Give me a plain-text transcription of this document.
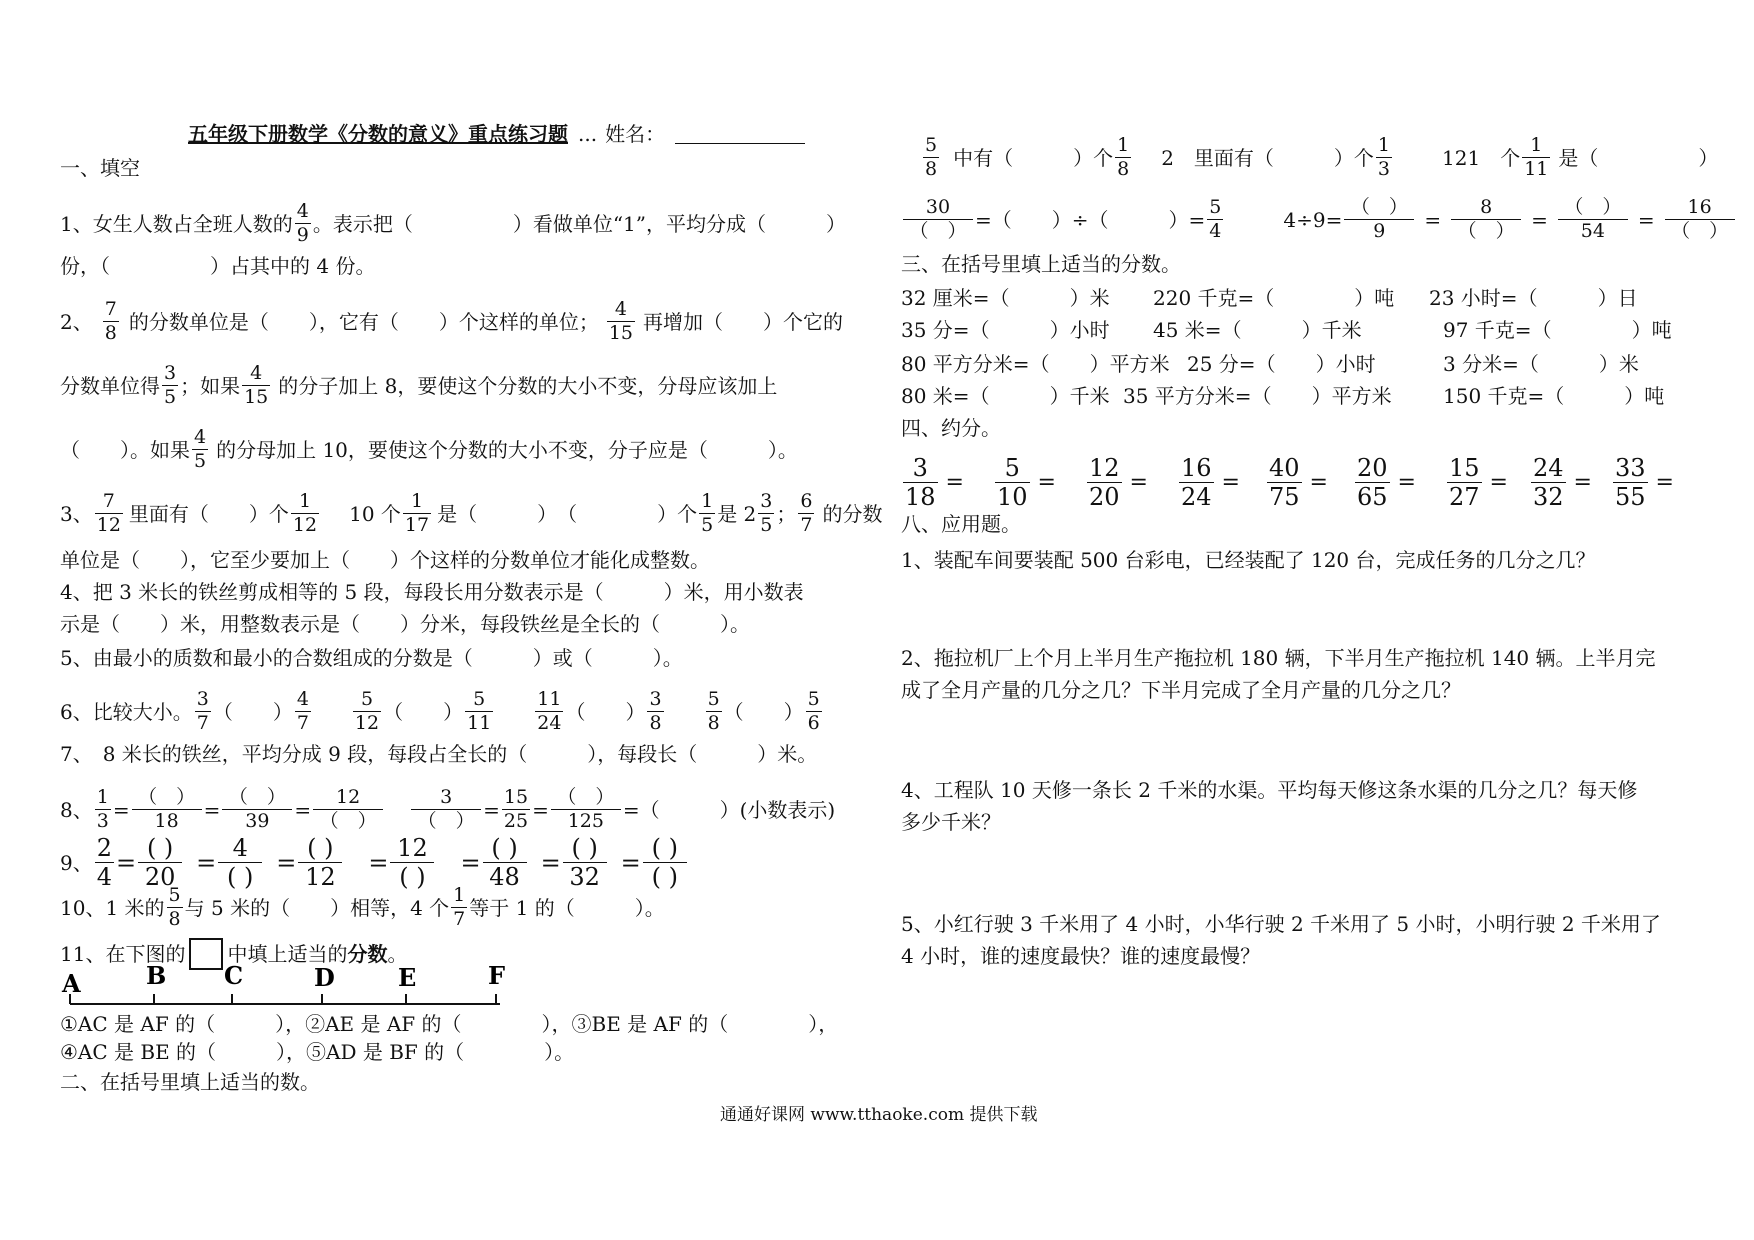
五年级下册数学《分数的意义》重点练习题 ... 姓名：
一、填空
1、女生人数占全班人数的 $\frac{4}{9}$ 。表示把（　　　　　）看做单位“1”，平均分成（　　　）
份，（　　　　　）占其中的 4 份。
2、 $\frac{7}{8}$ 的分数单位是（　　），它有（　　）个这样的单位； $\frac{4}{15}$ 再增加（　　）个它的
分数单位得 $\frac{3}{5}$ ；如果 $\frac{4}{15}$ 的分子加上 8，要使这个分数的大小不变，分母应该加上
（　　）。如果 $\frac{4}{5}$ 的分母加上 10，要使这个分数的大小不变，分子应是（　　　）。
3、 $\frac{7}{12}$ 里面有（　　）个 $\frac{1}{12} 10$ 个 $\frac{1}{17}$ 是（　　　）　（　　　　）个 $\frac{1}{5}$ 是 $2 \frac{3}{5}$ ； $\frac{6}{7}$ 的分数
单位是（　　），它至少要加上（　　）个这样的分数单位才能化成整数。
4、把 3 米长的铁丝剪成相等的 5 段，每段长用分数表示是（　　　）米，用小数表
示是（　　）米，用整数表示是（　　）分米，每段铁丝是全长的（　　　）。
5、由最小的质数和最小的合数组成的分数是（　　　）或（　　　）。
6、比较大小。 $\frac{3}{7}$ （　　） $\frac{4}{7} \frac{5}{12}$ （　　） $\frac{5}{11} \frac{11}{24}$ （　　） $\frac{3}{8} \frac{5}{8}$ （　　） $\frac{5}{6}$
7、　8 米长的铁丝，平均分成 9 段，每段占全长的（　　　），每段长（　　　）米。
8、 $\frac{1}{3} = \frac{( )}{18} = \frac{( )}{39} = \frac{12}{( )} \frac{3}{( )} = \frac{15}{25} = \frac{( )}{125}$ =（　　　）(小数表示)
9、 $\frac{2}{4} = \frac{( )}{20} = \frac{4}{( )} = \frac{( )}{12} = \frac{12}{( )} = \frac{( )}{48} = \frac{( )}{32} = \frac{( )}{( )}$
10、1 米的 $\frac{5}{8}$ 与 5 米的（　　）相等，4 个 $\frac{1}{7}$ 等于 1 的（　　　）。
11、在下图的 中填上适当的 分数 。
A	B C	D	E	F
①AC 是 AF 的（　　　），②AE 是 AF 的（　　　　），③BE 是 AF 的（　　　　），
④AC 是 BE 的（　　　），⑤AD 是 BF 的（　　　　）。
二、在括号里填上适当的数。
$\frac{5}{8}$ 中有（　　　）个 $\frac{1}{8} 2$　里面有（　　　）个 $\frac{1}{3}$	121　个 $\frac{1}{11}$ 是（　　　　　）
$\frac{30}{( )}$ =（　　）÷（　　　）= $\frac{5}{4}$	$4\div 9= \frac{( )}{9} = \frac{8}{( )} = \frac{( )}{54} = \frac{16}{( )}$
三、在括号里填上适当的分数。
32 厘米=（　　　）米	220 千克=（　　　　）吨	23 小时=（　　　）日
35 分=（　　　）小时	45 米=（　　　）千米	97 千克=（　　　　）吨
80 平方分米=（　　）平方米 25 分=（　　）小时	3 分米=（　　　）米
80 米=（　　　）千米 35 平方分米=（　　）平方米	150 千克=（　　　）吨
四、约分。
$\frac{3}{18} = \frac{5}{10} = \frac{12}{20} = \frac{16}{24} = \frac{40}{75} = \frac{20}{65} = \frac{15}{27} = \frac{24}{32} = \frac{33}{55}$ =
八、应用题。
1、装配车间要装配 500 台彩电，已经装配了 120 台，完成任务的几分之几？
2、拖拉机厂上个月上半月生产拖拉机 180 辆，下半月生产拖拉机 140 辆。上半月完
成了全月产量的几分之几？下半月完成了全月产量的几分之几？
4、工程队 10 天修一条长 2 千米的水渠。平均每天修这条水渠的几分之几？每天修
多少千米？
5、小红行驶 3 千米用了 4 小时，小华行驶 2 千米用了 5 小时，小明行驶 2 千米用了
4 小时，谁的速度最快？谁的速度最慢？
通通好课网 www.tthaoke.com 提供下载
